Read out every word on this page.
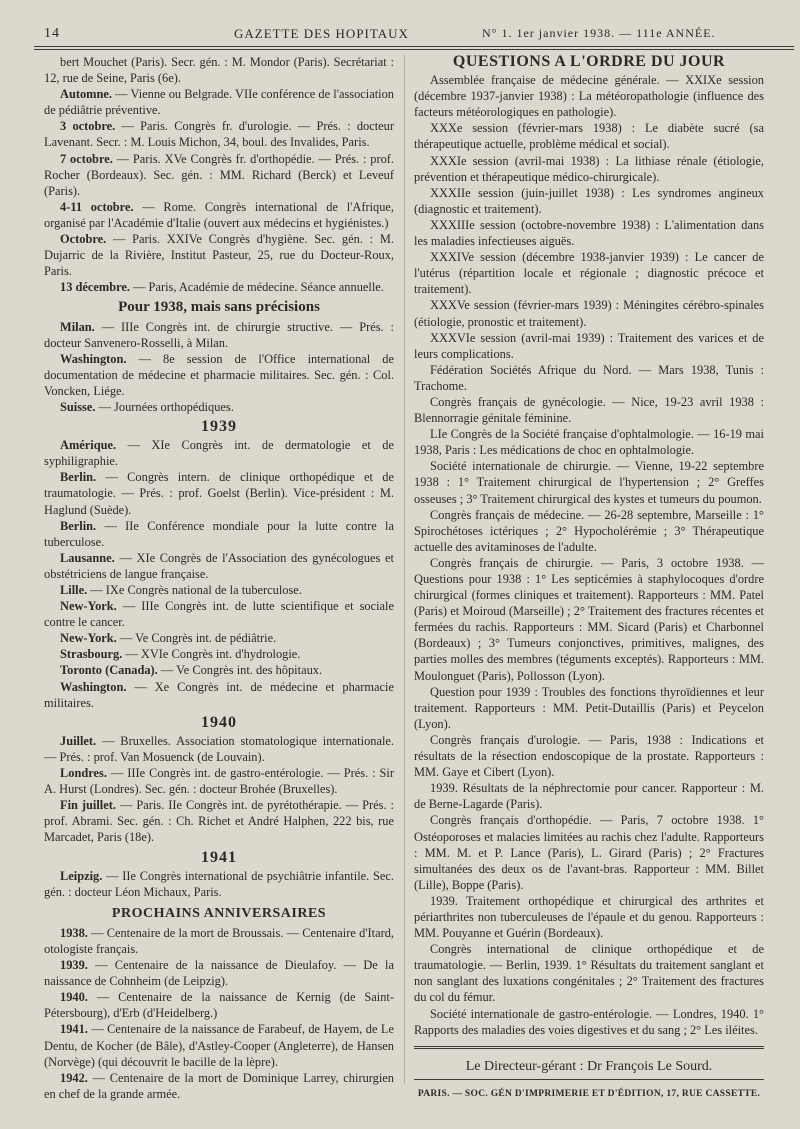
14	GAZETTE DES HOPITAUX	N° 1. 1er janvier 1938. — 111e ANNÉE.

bert Mouchet (Paris). Secr. gén. : M. Mondor (Paris). Secrétariat : 12, rue de Seine, Paris (6e).

Automne. — Vienne ou Belgrade. VIIe conférence de l'association de pédiâtrie préventive.

3 octobre. — Paris. Congrès fr. d'urologie. — Prés. : docteur Lavenant. Secr. : M. Louis Michon, 34, boul. des Invalides, Paris.

7 octobre. — Paris. XVe Congrès fr. d'orthopédie. — Prés. : prof. Rocher (Bordeaux). Sec. gén. : MM. Richard (Berck) et Leveuf (Paris).

4-11 octobre. — Rome. Congrès international de l'Afrique, organisé par l'Académie d'Italie (ouvert aux médecins et hygiénistes.)

Octobre. — Paris. XXIVe Congrès d'hygiène. Sec. gén. : M. Dujarric de la Rivière, Institut Pasteur, 25, rue du Docteur-Roux, Paris.

13 décembre. — Paris, Académie de médecine. Séance annuelle.

Pour 1938, mais sans précisions

Milan. — IIIe Congrès int. de chirurgie structive. — Prés. : docteur Sanvenero-Rosselli, à Milan.

Washington. — 8e session de l'Office international de documentation de médecine et pharmacie militaires. Sec. gén. : Col. Voncken, Liége.

Suisse. — Journées orthopédiques.

1939

Amérique. — XIe Congrès int. de dermatologie et de syphiligraphie.

Berlin. — Congrès intern. de clinique orthopédique et de traumatologie. — Prés. : prof. Goelst (Berlin). Vice-président : M. Haglund (Suède).

Berlin. — IIe Conférence mondiale pour la lutte contre la tuberculose.

Lausanne. — XIe Congrès de l'Association des gynécologues et obstétriciens de langue française.

Lille. — IXe Congrès national de la tuberculose.

New-York. — IIIe Congrès int. de lutte scientifique et sociale contre le cancer.

New-York. — Ve Congrès int. de pédiâtrie.

Strasbourg. — XVIe Congrès int. d'hydrologie.

Toronto (Canada). — Ve Congrès int. des hôpitaux.

Washington. — Xe Congrès int. de médecine et pharmacie militaires.

1940

Juillet. — Bruxelles. Association stomatologique internationale. — Prés. : prof. Van Mosuenck (de Louvain).

Londres. — IIIe Congrès int. de gastro-entérologie. — Prés. : Sir A. Hurst (Londres). Sec. gén. : docteur Brohée (Bruxelles).

Fin juillet. — Paris. IIe Congrès int. de pyrétothérapie. — Prés. : prof. Abrami. Sec. gén. : Ch. Richet et André Halphen, 222 bis, rue Marcadet, Paris (18e).

1941

Leipzig. — IIe Congrès international de psychiâtrie infantile. Sec. gén. : docteur Léon Michaux, Paris.

PROCHAINS ANNIVERSAIRES

1938. — Centenaire de la mort de Broussais. — Centenaire d'Itard, otologiste français.

1939. — Centenaire de la naissance de Dieulafoy. — De la naissance de Cohnheim (de Leipzig).

1940. — Centenaire de la naissance de Kernig (de Saint-Pétersbourg), d'Erb (d'Heidelberg.)

1941. — Centenaire de la naissance de Farabeuf, de Hayem, de Le Dentu, de Kocher (de Bâle), d'Astley-Cooper (Angleterre), de Hansen (Norvège) (qui découvrit le bacille de la lèpre).

1942. — Centenaire de la mort de Dominique Larrey, chirurgien en chef de la grande armée.

QUESTIONS A L'ORDRE DU JOUR

Assemblée française de médecine générale. — XXIXe session (décembre 1937-janvier 1938) : La météoropathologie (influence des facteurs météorologiques en pathologie).

XXXe session (février-mars 1938) : Le diabète sucré (sa thérapeutique actuelle, problème médical et social).

XXXIe session (avril-mai 1938) : La lithiase rénale (étiologie, prévention et thérapeutique médico-chirurgicale).

XXXIIe session (juin-juillet 1938) : Les syndromes angineux (diagnostic et traitement).

XXXIIIe session (octobre-novembre 1938) : L'alimentation dans les maladies infectieuses aiguës.

XXXIVe session (décembre 1938-janvier 1939) : Le cancer de l'utérus (répartition locale et régionale ; diagnostic précoce et traitement).

XXXVe session (février-mars 1939) : Méningites cérébro-spinales (étiologie, pronostic et traitement).

XXXVIe session (avril-mai 1939) : Traitement des varices et de leurs complications.

Fédération Sociétés Afrique du Nord. — Mars 1938, Tunis : Trachome.

Congrès français de gynécologie. — Nice, 19-23 avril 1938 : Blennorragie génitale féminine.

LIe Congrès de la Société française d'ophtalmologie. — 16-19 mai 1938, Paris : Les médications de choc en ophtalmologie.

Société internationale de chirurgie. — Vienne, 19-22 septembre 1938 : 1° Traitement chirurgical de l'hypertension ; 2° Greffes osseuses ; 3° Traitement chirurgical des kystes et tumeurs du poumon.

Congrès français de médecine. — 26-28 septembre, Marseille : 1° Spirochétoses ictériques ; 2° Hypocholérémie ; 3° Thérapeutique actuelle des avitaminoses de l'adulte.

Congrès français de chirurgie. — Paris, 3 octobre 1938. — Questions pour 1938 : 1° Les septicémies à staphylocoques d'ordre chirurgical (formes cliniques et traitement). Rapporteurs : MM. Patel (Paris) et Moiroud (Marseille) ; 2° Traitement des fractures récentes et fermées du rachis. Rapporteurs : MM. Sicard (Paris) et Charbonnel (Bordeaux) ; 3° Tumeurs conjonctives, primitives, malignes, des parties molles des membres (téguments exceptés). Rapporteurs : MM. Moulonguet (Paris), Pollosson (Lyon).

Question pour 1939 : Troubles des fonctions thyroïdiennes et leur traitement. Rapporteurs : MM. Petit-Dutaillis (Paris) et Peycelon (Lyon).

Congrès français d'urologie. — Paris, 1938 : Indications et résultats de la résection endoscopique de la prostate. Rapporteurs : MM. Gaye et Cibert (Lyon).

1939. Résultats de la néphrectomie pour cancer. Rapporteur : M. de Berne-Lagarde (Paris).

Congrès français d'orthopédie. — Paris, 7 octobre 1938. 1° Ostéoporoses et malacies limitées au rachis chez l'adulte. Rapporteurs : MM. M. et P. Lance (Paris), L. Girard (Paris) ; 2° Fractures simultanées des deux os de l'avant-bras. Rapporteur : MM. Billet (Lille), Boppe (Paris).

1939. Traitement orthopédique et chirurgical des arthrites et périarthrites non tuberculeuses de l'épaule et du genou. Rapporteurs : MM. Pouyanne et Guérin (Bordeaux).

Congrès international de clinique orthopédique et de traumatologie. — Berlin, 1939. 1° Résultats du traitement sanglant et non sanglant des luxations congénitales ; 2° Traitement des fractures du col du fémur.

Société internationale de gastro-entérologie. — Londres, 1940. 1° Rapports des maladies des voies digestives et du sang ; 2° Les iléites.

Le Directeur-gérant : Dr François Le Sourd.
PARIS. — SOC. GÉN D'IMPRIMERIE ET D'ÉDITION, 17, RUE CASSETTE.
